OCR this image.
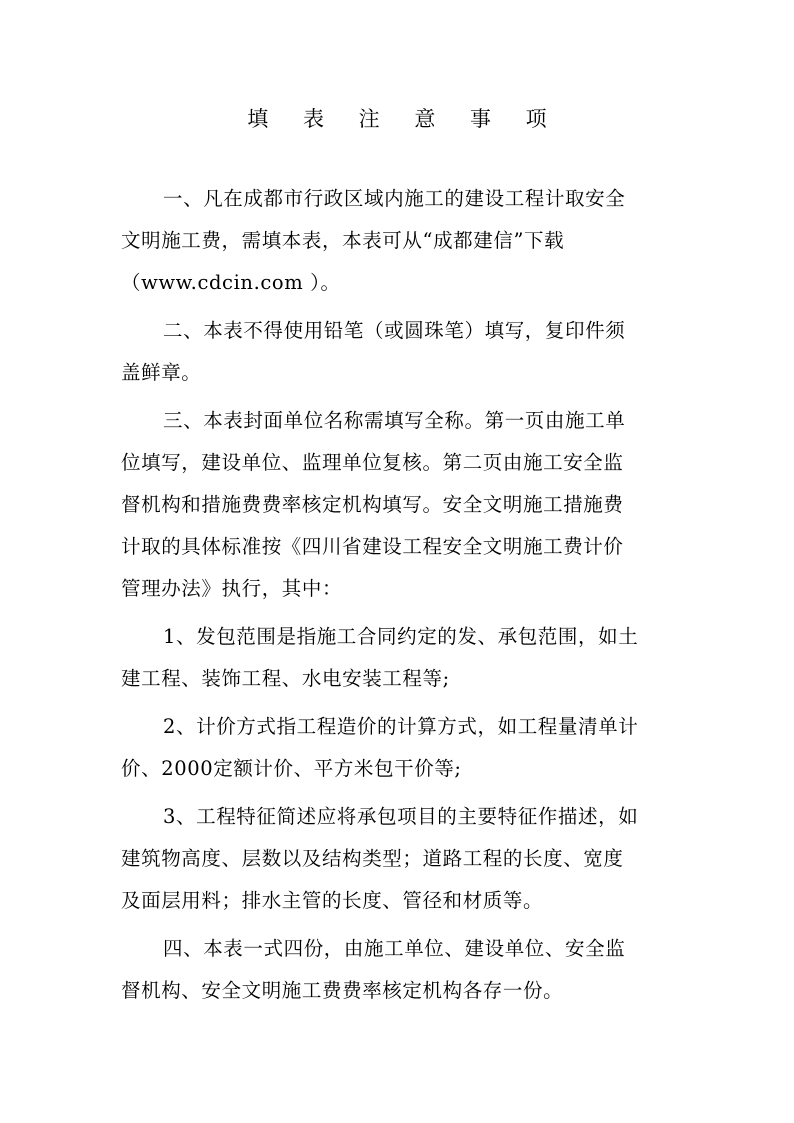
填 表 注 意 事 项
一、凡在成都市行政区域内施工的建设工程计取安全
文明施工费，需填本表，本表可从“成都建信”下载
（www.cdcin.com ）。
二、本表不得使用铅笔（或圆珠笔）填写，复印件须
盖鲜章。
三、本表封面单位名称需填写全称。第一页由施工单
位填写，建设单位、监理单位复核。第二页由施工安全监
督机构和措施费费率核定机构填写。安全文明施工措施费
计取的具体标准按《四川省建设工程安全文明施工费计价
管理办法》执行，其中：
1、发包范围是指施工合同约定的发、承包范围，如土
建工程、装饰工程、水电安装工程等;
2、计价方式指工程造价的计算方式，如工程量清单计
价、2000定额计价、平方米包干价等;
3、工程特征简述应将承包项目的主要特征作描述，如
建筑物高度、层数以及结构类型；道路工程的长度、宽度
及面层用料；排水主管的长度、管径和材质等。
四、本表一式四份，由施工单位、建设单位、安全监
督机构、安全文明施工费费率核定机构各存一份。
